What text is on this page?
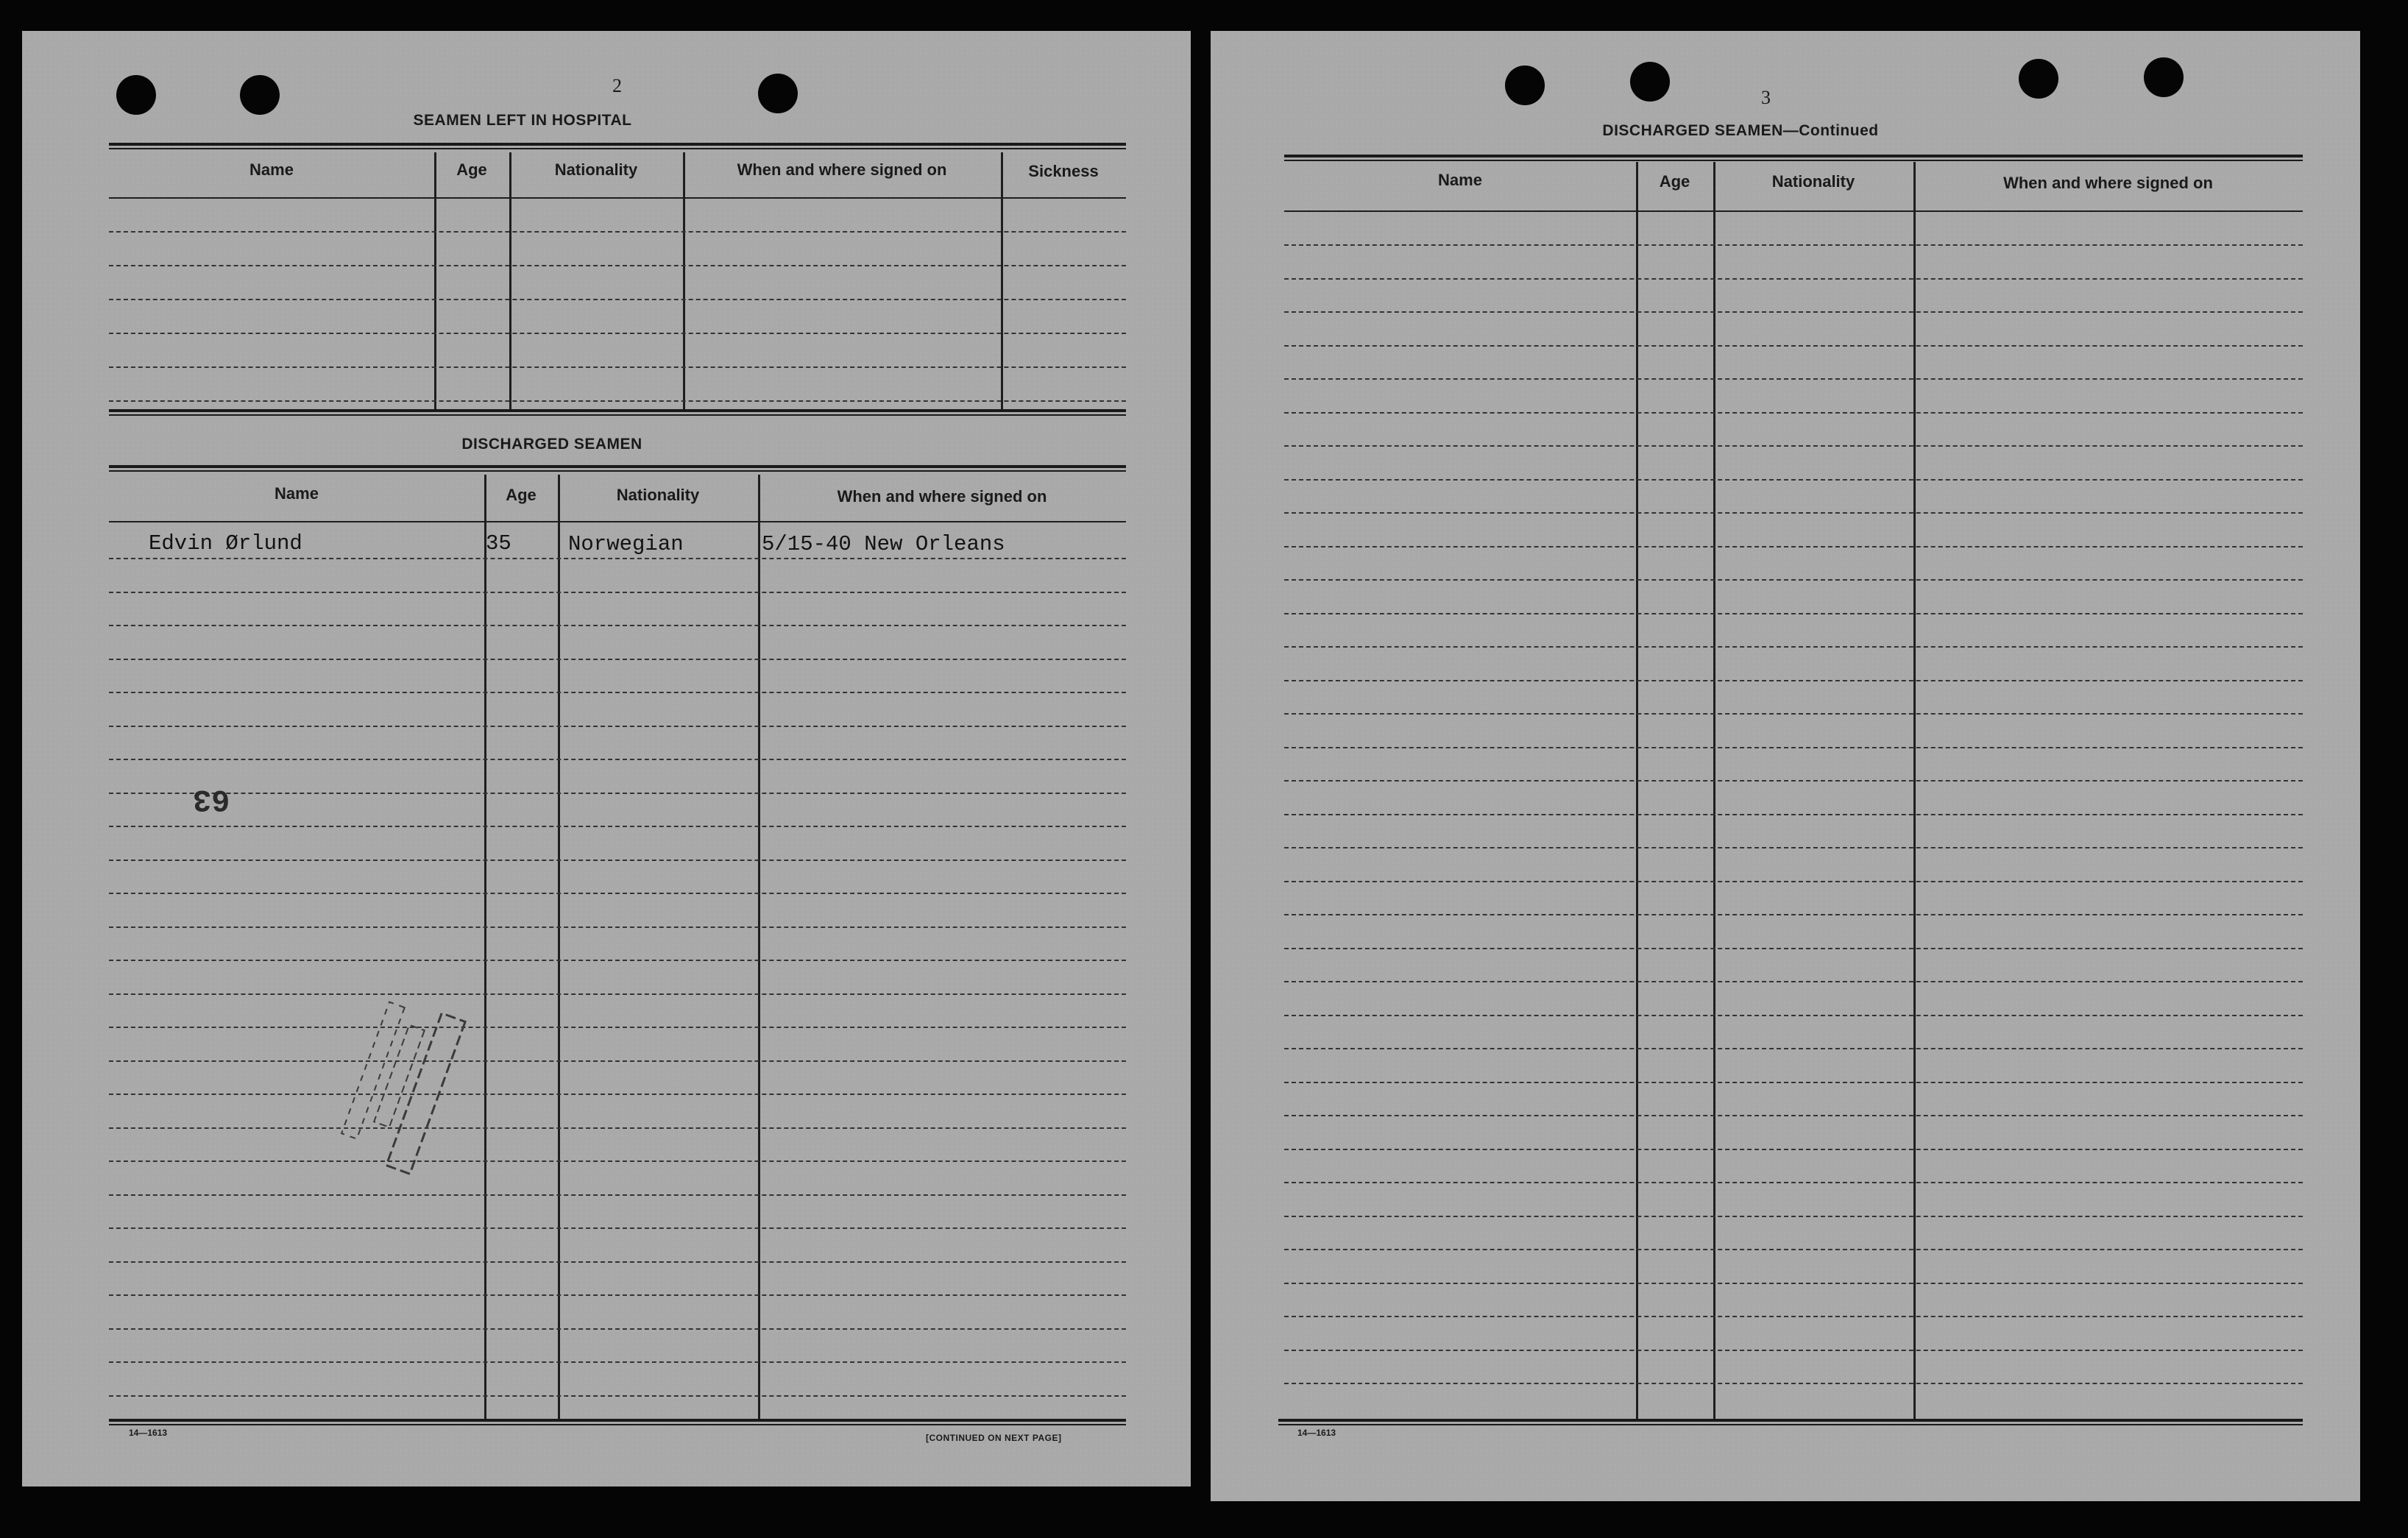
2
SEAMEN LEFT IN HOSPITAL
Name	Age	Nationality	When and where signed on	Sickness
DISCHARGED SEAMEN
Name	Age	Nationality	When and where signed on
Edvin Ørlund	35	Norwegian	5/15-40 New Orleans
14—1613	[CONTINUED ON NEXT PAGE]
63
3
DISCHARGED SEAMEN—Continued
Name	Age	Nationality	When and where signed on
14—1613
